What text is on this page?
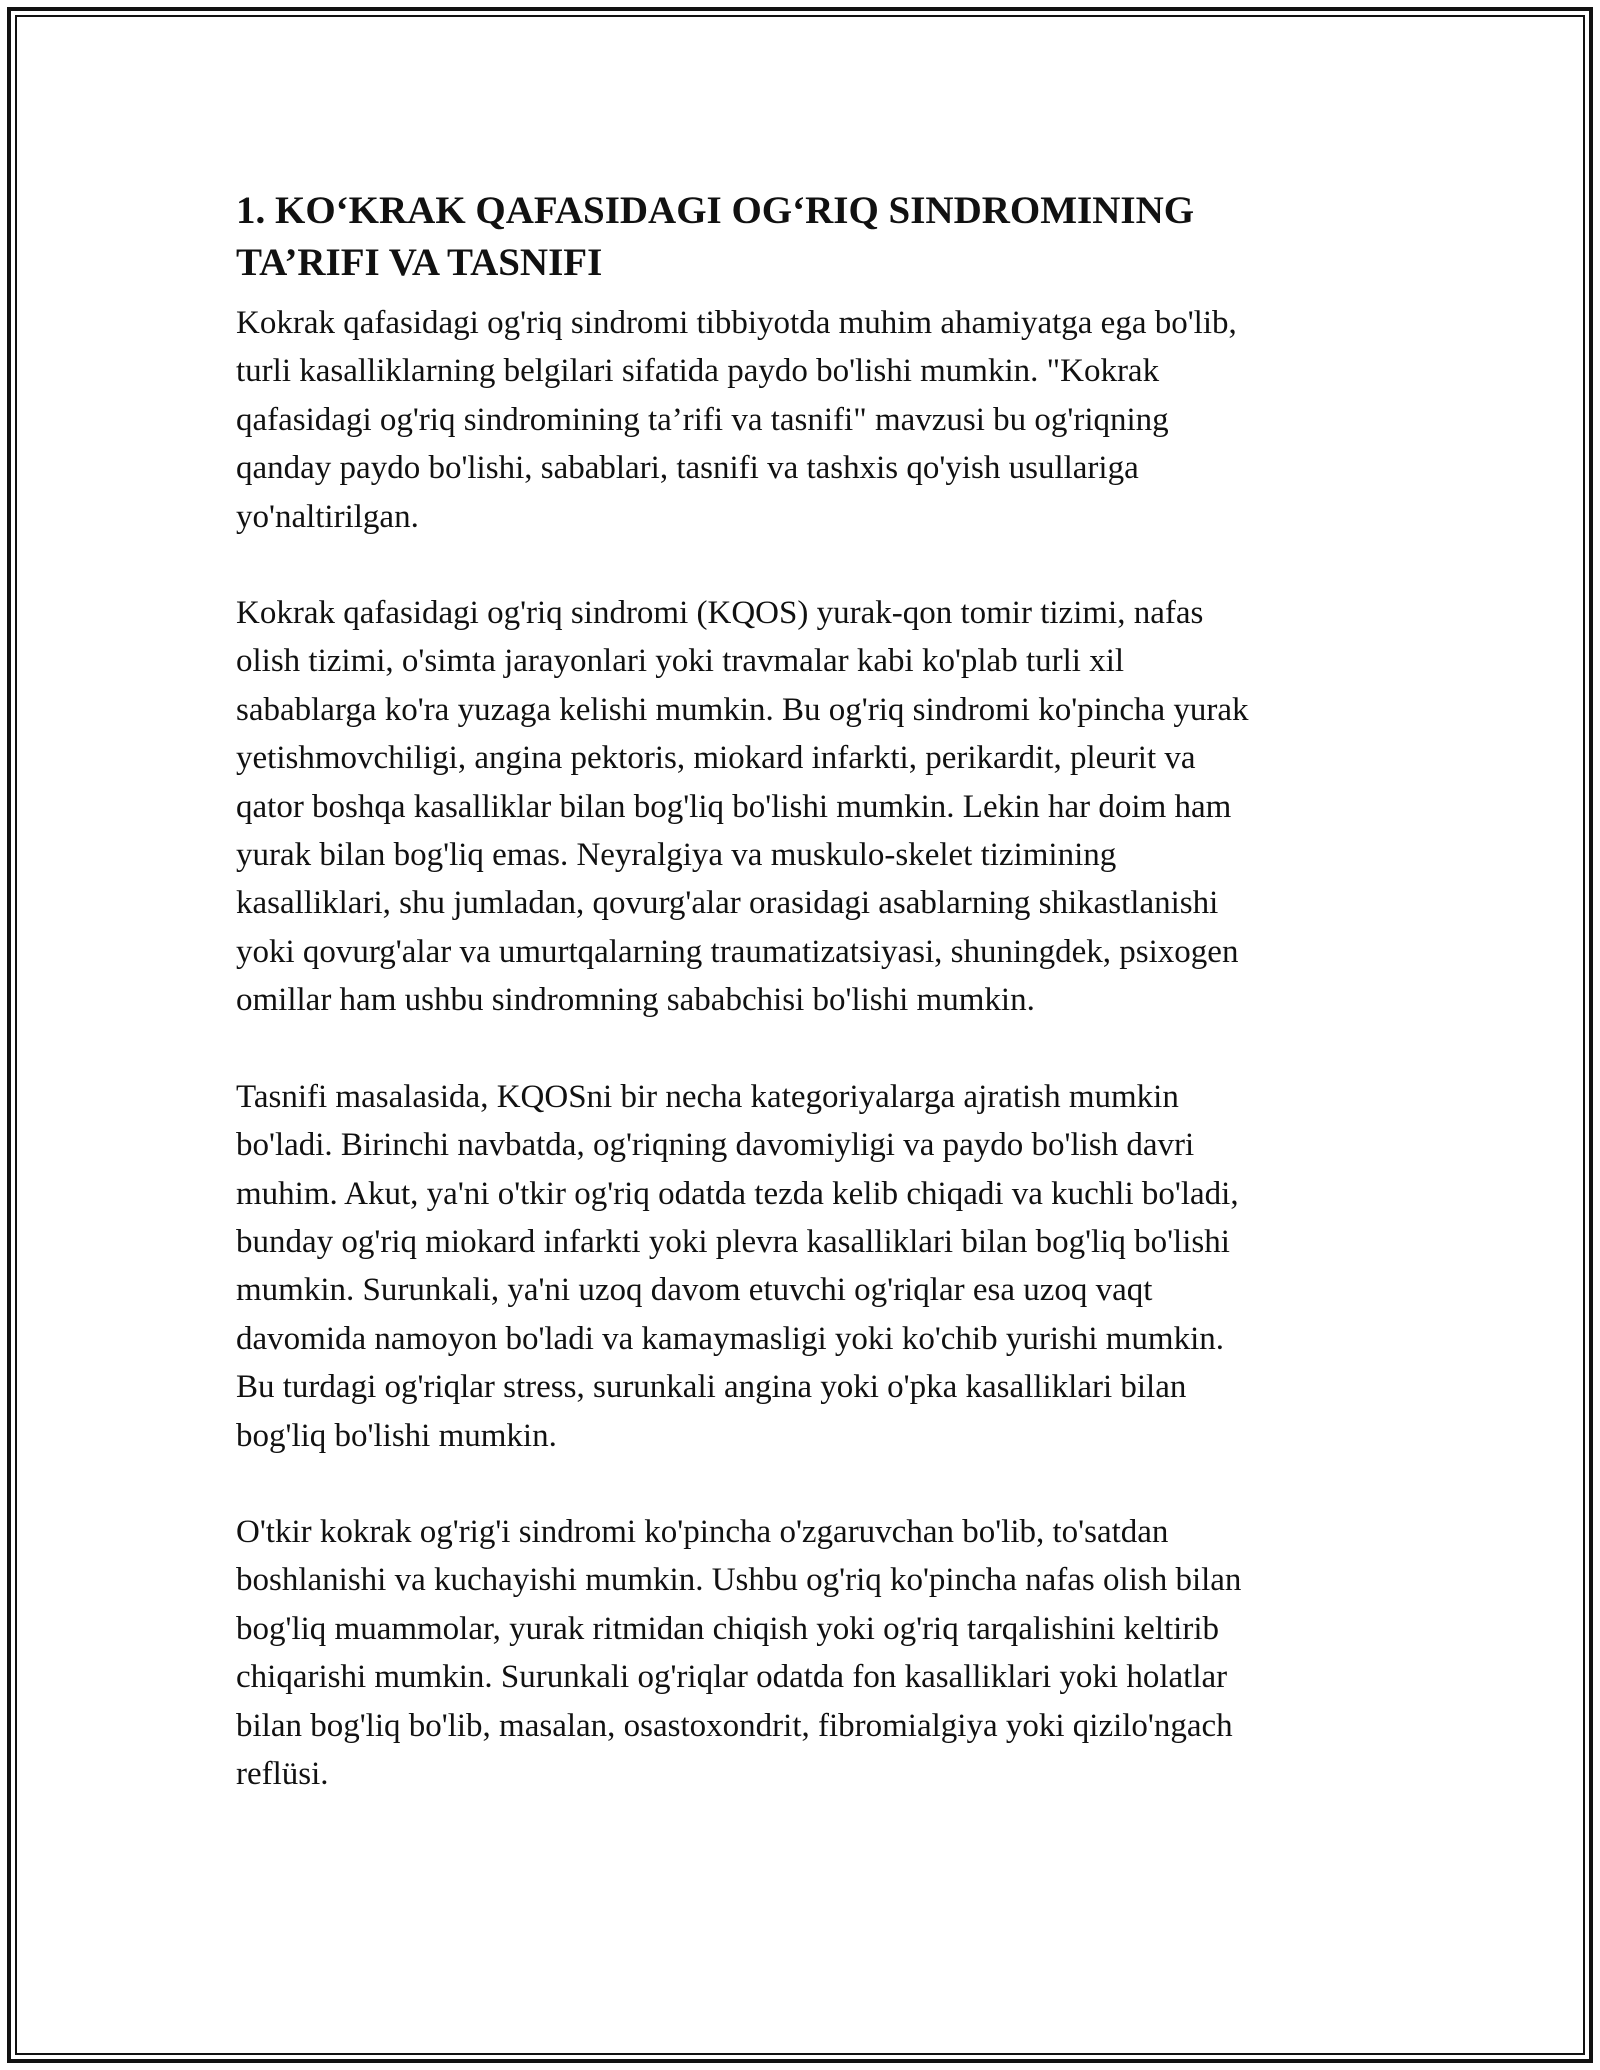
1. KO‘KRAK QAFASIDAGI OG‘RIQ SINDROMINING
TA’RIFI VA TASNIFI

Kokrak qafasidagi og'riq sindromi tibbiyotda muhim ahamiyatga ega bo'lib,
turli kasalliklarning belgilari sifatida paydo bo'lishi mumkin. "Kokrak
qafasidagi og'riq sindromining ta’rifi va tasnifi" mavzusi bu og'riqning
qanday paydo bo'lishi, sabablari, tasnifi va tashxis qo'yish usullariga
yo'naltirilgan.

Kokrak qafasidagi og'riq sindromi (KQOS) yurak-qon tomir tizimi, nafas
olish tizimi, o'simta jarayonlari yoki travmalar kabi ko'plab turli xil
sabablarga ko'ra yuzaga kelishi mumkin. Bu og'riq sindromi ko'pincha yurak
yetishmovchiligi, angina pektoris, miokard infarkti, perikardit, pleurit va
qator boshqa kasalliklar bilan bog'liq bo'lishi mumkin. Lekin har doim ham
yurak bilan bog'liq emas. Neyralgiya va muskulo-skelet tizimining
kasalliklari, shu jumladan, qovurg'alar orasidagi asablarning shikastlanishi
yoki qovurg'alar va umurtqalarning traumatizatsiyasi, shuningdek, psixogen
omillar ham ushbu sindromning sababchisi bo'lishi mumkin.

Tasnifi masalasida, KQOSni bir necha kategoriyalarga ajratish mumkin
bo'ladi. Birinchi navbatda, og'riqning davomiyligi va paydo bo'lish davri
muhim. Akut, ya'ni o'tkir og'riq odatda tezda kelib chiqadi va kuchli bo'ladi,
bunday og'riq miokard infarkti yoki plevra kasalliklari bilan bog'liq bo'lishi
mumkin. Surunkali, ya'ni uzoq davom etuvchi og'riqlar esa uzoq vaqt
davomida namoyon bo'ladi va kamaymasligi yoki ko'chib yurishi mumkin.
Bu turdagi og'riqlar stress, surunkali angina yoki o'pka kasalliklari bilan
bog'liq bo'lishi mumkin.

O'tkir kokrak og'rig'i sindromi ko'pincha o'zgaruvchan bo'lib, to'satdan
boshlanishi va kuchayishi mumkin. Ushbu og'riq ko'pincha nafas olish bilan
bog'liq muammolar, yurak ritmidan chiqish yoki og'riq tarqalishini keltirib
chiqarishi mumkin. Surunkali og'riqlar odatda fon kasalliklari yoki holatlar
bilan bog'liq bo'lib, masalan, osastoxondrit, fibromialgiya yoki qizilo'ngach
reflüsi.
